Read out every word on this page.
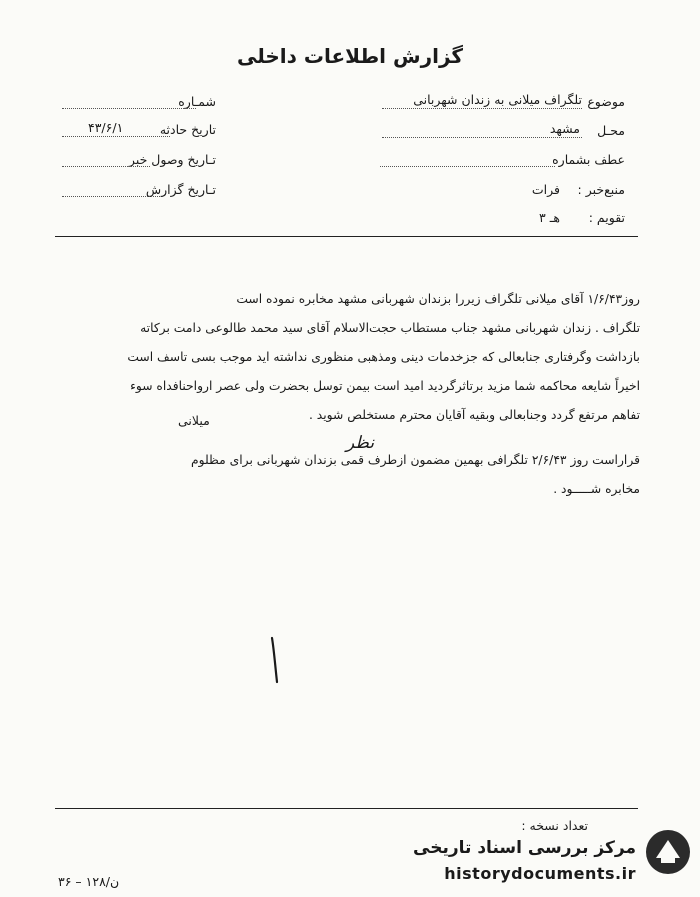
گزارش اطلاعات داخلی
موضوع
تلگراف میلانی به زندان شهربانی
محـل
مشهد
عطف بشماره
منبع‌خبر :
فرات
تقویم :
هـ ۳
شمـاره
تاریخ حادثه
۴۳/۶/۱
تـاریخ وصول خبر
تـاریخ گزارش
روز۱/۶/۴۳ آقای میلانی تلگراف زیررا بزندان شهربانی مشهد مخابره نموده است
تلگراف . زندان شهربانی مشهد جناب مستطاب حجت‌الاسلام آقای سید محمد طالوعی دامت برکاته
بازداشت وگرفتاری جنابعالی که جزخدمات دینی ومذهبی منظوری نداشته اید موجب بسی تاسف است
اخیراً شایعه محاکمه شما مزید برتاثرگردید امید است بیمن توسل بحضرت ولی عصر ارواحنافداه سوء
تفاهم مرتفع گردد وجنابعالی وبقیه آقایان محترم مستخلص شوید .
میلانی
نظر
قراراست روز ۲/۶/۴۳ تلگرافی بهمین مضمون ازطرف قمی بزندان شهربانی برای مظلوم
مخابره شـــــود .
تعداد نسخه :
ن/۱۲۸ – ۳۶
مرکز بررسی اسناد تاریخی
historydocuments.ir
